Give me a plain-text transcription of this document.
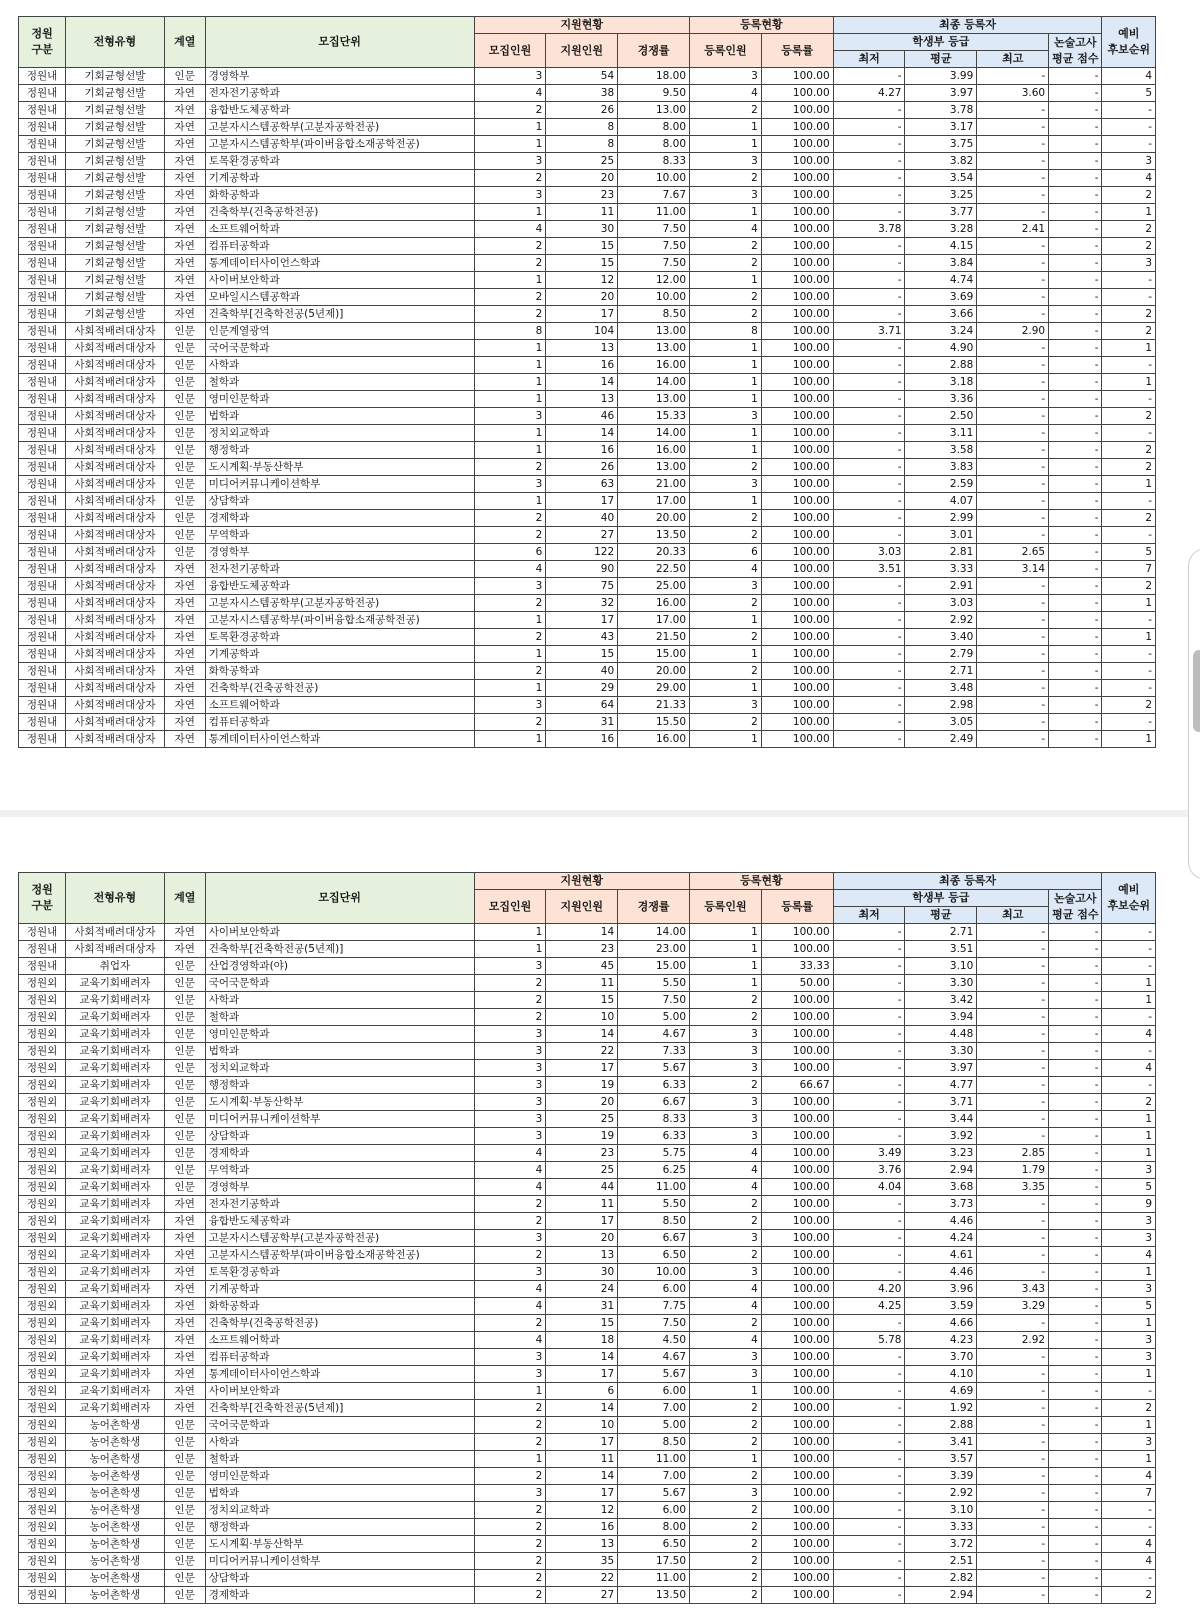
정원
구분	전형유형	계열	모집단위	지원현황			등록현황		최종 등록자				예비
후보순위
				모집인원	지원인원	경쟁률	등록인원	등록률	학생부 등급			논술고사
평균 점수	
									최저	평균	최고		
정원내	기회균형선발	인문	경영학부	3	54	18.00	3	100.00	-	3.99	-	-	4
정원내	기회균형선발	자연	전자전기공학과	4	38	9.50	4	100.00	4.27	3.97	3.60	-	5
정원내	기회균형선발	자연	융합반도체공학과	2	26	13.00	2	100.00	-	3.78	-	-	-
정원내	기회균형선발	자연	고분자시스템공학부(고분자공학전공)	1	8	8.00	1	100.00	-	3.17	-	-	-
정원내	기회균형선발	자연	고분자시스템공학부(파이버융합소재공학전공)	1	8	8.00	1	100.00	-	3.75	-	-	-
정원내	기회균형선발	자연	토목환경공학과	3	25	8.33	3	100.00	-	3.82	-	-	3
정원내	기회균형선발	자연	기계공학과	2	20	10.00	2	100.00	-	3.54	-	-	4
정원내	기회균형선발	자연	화학공학과	3	23	7.67	3	100.00	-	3.25	-	-	2
정원내	기회균형선발	자연	건축학부(건축공학전공)	1	11	11.00	1	100.00	-	3.77	-	-	1
정원내	기회균형선발	자연	소프트웨어학과	4	30	7.50	4	100.00	3.78	3.28	2.41	-	2
정원내	기회균형선발	자연	컴퓨터공학과	2	15	7.50	2	100.00	-	4.15	-	-	2
정원내	기회균형선발	자연	통계데이터사이언스학과	2	15	7.50	2	100.00	-	3.84	-	-	3
정원내	기회균형선발	자연	사이버보안학과	1	12	12.00	1	100.00	-	4.74	-	-	-
정원내	기회균형선발	자연	모바일시스템공학과	2	20	10.00	2	100.00	-	3.69	-	-	-
정원내	기회균형선발	자연	건축학부[건축학전공(5년제)]	2	17	8.50	2	100.00	-	3.66	-	-	2
정원내	사회적배려대상자	인문	인문계열광역	8	104	13.00	8	100.00	3.71	3.24	2.90	-	2
정원내	사회적배려대상자	인문	국어국문학과	1	13	13.00	1	100.00	-	4.90	-	-	1
정원내	사회적배려대상자	인문	사학과	1	16	16.00	1	100.00	-	2.88	-	-	-
정원내	사회적배려대상자	인문	철학과	1	14	14.00	1	100.00	-	3.18	-	-	1
정원내	사회적배려대상자	인문	영미인문학과	1	13	13.00	1	100.00	-	3.36	-	-	-
정원내	사회적배려대상자	인문	법학과	3	46	15.33	3	100.00	-	2.50	-	-	2
정원내	사회적배려대상자	인문	정치외교학과	1	14	14.00	1	100.00	-	3.11	-	-	-
정원내	사회적배려대상자	인문	행정학과	1	16	16.00	1	100.00	-	3.58	-	-	2
정원내	사회적배려대상자	인문	도시계획·부동산학부	2	26	13.00	2	100.00	-	3.83	-	-	2
정원내	사회적배려대상자	인문	미디어커뮤니케이션학부	3	63	21.00	3	100.00	-	2.59	-	-	1
정원내	사회적배려대상자	인문	상담학과	1	17	17.00	1	100.00	-	4.07	-	-	-
정원내	사회적배려대상자	인문	경제학과	2	40	20.00	2	100.00	-	2.99	-	-	2
정원내	사회적배려대상자	인문	무역학과	2	27	13.50	2	100.00	-	3.01	-	-	-
정원내	사회적배려대상자	인문	경영학부	6	122	20.33	6	100.00	3.03	2.81	2.65	-	5
정원내	사회적배려대상자	자연	전자전기공학과	4	90	22.50	4	100.00	3.51	3.33	3.14	-	7
정원내	사회적배려대상자	자연	융합반도체공학과	3	75	25.00	3	100.00	-	2.91	-	-	2
정원내	사회적배려대상자	자연	고분자시스템공학부(고분자공학전공)	2	32	16.00	2	100.00	-	3.03	-	-	1
정원내	사회적배려대상자	자연	고분자시스템공학부(파이버융합소재공학전공)	1	17	17.00	1	100.00	-	2.92	-	-	-
정원내	사회적배려대상자	자연	토목환경공학과	2	43	21.50	2	100.00	-	3.40	-	-	1
정원내	사회적배려대상자	자연	기계공학과	1	15	15.00	1	100.00	-	2.79	-	-	-
정원내	사회적배려대상자	자연	화학공학과	2	40	20.00	2	100.00	-	2.71	-	-	-
정원내	사회적배려대상자	자연	건축학부(건축공학전공)	1	29	29.00	1	100.00	-	3.48	-	-	-
정원내	사회적배려대상자	자연	소프트웨어학과	3	64	21.33	3	100.00	-	2.98	-	-	2
정원내	사회적배려대상자	자연	컴퓨터공학과	2	31	15.50	2	100.00	-	3.05	-	-	-
정원내	사회적배려대상자	자연	통계데이터사이언스학과	1	16	16.00	1	100.00	-	2.49	-	-	1
정원
구분	전형유형	계열	모집단위	지원현황			등록현황		최종 등록자				예비
후보순위
				모집인원	지원인원	경쟁률	등록인원	등록률	학생부 등급			논술고사
평균 점수	
									최저	평균	최고		
정원내	사회적배려대상자	자연	사이버보안학과	1	14	14.00	1	100.00	-	2.71	-	-	-
정원내	사회적배려대상자	자연	건축학부[건축학전공(5년제)]	1	23	23.00	1	100.00	-	3.51	-	-	-
정원내	취업자	인문	산업경영학과(야)	3	45	15.00	1	33.33	-	3.10	-	-	-
정원외	교육기회배려자	인문	국어국문학과	2	11	5.50	1	50.00	-	3.30	-	-	1
정원외	교육기회배려자	인문	사학과	2	15	7.50	2	100.00	-	3.42	-	-	1
정원외	교육기회배려자	인문	철학과	2	10	5.00	2	100.00	-	3.94	-	-	-
정원외	교육기회배려자	인문	영미인문학과	3	14	4.67	3	100.00	-	4.48	-	-	4
정원외	교육기회배려자	인문	법학과	3	22	7.33	3	100.00	-	3.30	-	-	-
정원외	교육기회배려자	인문	정치외교학과	3	17	5.67	3	100.00	-	3.97	-	-	4
정원외	교육기회배려자	인문	행정학과	3	19	6.33	2	66.67	-	4.77	-	-	-
정원외	교육기회배려자	인문	도시계획·부동산학부	3	20	6.67	3	100.00	-	3.71	-	-	2
정원외	교육기회배려자	인문	미디어커뮤니케이션학부	3	25	8.33	3	100.00	-	3.44	-	-	1
정원외	교육기회배려자	인문	상담학과	3	19	6.33	3	100.00	-	3.92	-	-	1
정원외	교육기회배려자	인문	경제학과	4	23	5.75	4	100.00	3.49	3.23	2.85	-	1
정원외	교육기회배려자	인문	무역학과	4	25	6.25	4	100.00	3.76	2.94	1.79	-	3
정원외	교육기회배려자	인문	경영학부	4	44	11.00	4	100.00	4.04	3.68	3.35	-	5
정원외	교육기회배려자	자연	전자전기공학과	2	11	5.50	2	100.00	-	3.73	-	-	9
정원외	교육기회배려자	자연	융합반도체공학과	2	17	8.50	2	100.00	-	4.46	-	-	3
정원외	교육기회배려자	자연	고분자시스템공학부(고분자공학전공)	3	20	6.67	3	100.00	-	4.24	-	-	3
정원외	교육기회배려자	자연	고분자시스템공학부(파이버융합소재공학전공)	2	13	6.50	2	100.00	-	4.61	-	-	4
정원외	교육기회배려자	자연	토목환경공학과	3	30	10.00	3	100.00	-	4.46	-	-	1
정원외	교육기회배려자	자연	기계공학과	4	24	6.00	4	100.00	4.20	3.96	3.43	-	3
정원외	교육기회배려자	자연	화학공학과	4	31	7.75	4	100.00	4.25	3.59	3.29	-	5
정원외	교육기회배려자	자연	건축학부(건축공학전공)	2	15	7.50	2	100.00	-	4.66	-	-	1
정원외	교육기회배려자	자연	소프트웨어학과	4	18	4.50	4	100.00	5.78	4.23	2.92	-	3
정원외	교육기회배려자	자연	컴퓨터공학과	3	14	4.67	3	100.00	-	3.70	-	-	3
정원외	교육기회배려자	자연	통계데이터사이언스학과	3	17	5.67	3	100.00	-	4.10	-	-	1
정원외	교육기회배려자	자연	사이버보안학과	1	6	6.00	1	100.00	-	4.69	-	-	-
정원외	교육기회배려자	자연	건축학부[건축학전공(5년제)]	2	14	7.00	2	100.00	-	1.92	-	-	2
정원외	농어촌학생	인문	국어국문학과	2	10	5.00	2	100.00	-	2.88	-	-	1
정원외	농어촌학생	인문	사학과	2	17	8.50	2	100.00	-	3.41	-	-	3
정원외	농어촌학생	인문	철학과	1	11	11.00	1	100.00	-	3.57	-	-	1
정원외	농어촌학생	인문	영미인문학과	2	14	7.00	2	100.00	-	3.39	-	-	4
정원외	농어촌학생	인문	법학과	3	17	5.67	3	100.00	-	2.92	-	-	7
정원외	농어촌학생	인문	정치외교학과	2	12	6.00	2	100.00	-	3.10	-	-	-
정원외	농어촌학생	인문	행정학과	2	16	8.00	2	100.00	-	3.33	-	-	-
정원외	농어촌학생	인문	도시계획·부동산학부	2	13	6.50	2	100.00	-	3.72	-	-	4
정원외	농어촌학생	인문	미디어커뮤니케이션학부	2	35	17.50	2	100.00	-	2.51	-	-	4
정원외	농어촌학생	인문	상담학과	2	22	11.00	2	100.00	-	2.82	-	-	-
정원외	농어촌학생	인문	경제학과	2	27	13.50	2	100.00	-	2.94	-	-	2
